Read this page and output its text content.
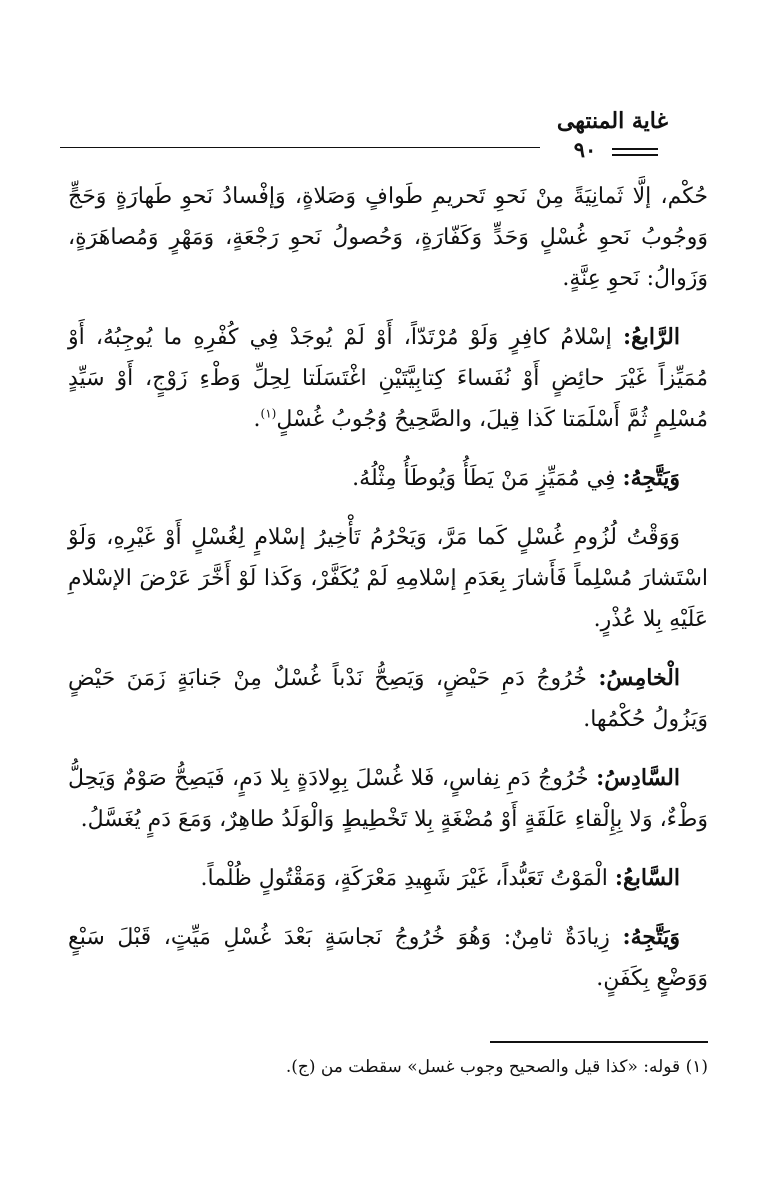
غاية المنتهى
٩٠

حُكْم، إلَّا ثَمانِيَةً مِنْ نَحوِ تَحريمِ طَوافٍ وَصَلاةٍ، وَإفْسادُ نَحوِ طَهارَةٍ وَحَجٍّ وَوجُوبُ نَحوِ غُسْلٍ وَحَدٍّ وَكَفّارَةٍ، وَحُصولُ نَحوِ رَجْعَةٍ، وَمَهْرٍ وَمُصاهَرَةٍ، وَزَوالُ: نَحوِ عِنَّةٍ.

الرَّابعُ: إسْلامُ كافِرٍ وَلَوْ مُرْتَدّاً، أَوْ لَمْ يُوجَدْ فِي كُفْرِهِ ما يُوجِبُهُ، أَوْ مُمَيِّزاً غَيْرَ حائِضٍ أَوْ نُفَساءَ كِتابِيَّتَيْنِ اغْتَسَلَتا لِحِلِّ وَطْءِ زَوْجٍ، أَوْ سَيِّدٍ مُسْلِمٍ ثُمَّ أَسْلَمَتا كَذا قِيلَ، والصَّحِيحُ وُجُوبُ غُسْلٍ$^{(١)}$.

وَيَتَّجِهُ: فِي مُمَيِّزٍ مَنْ يَطَأُ وَيُوطَأُ مِثْلُهُ.

وَوَقْتُ لُزُومِ غُسْلٍ كَما مَرَّ، وَيَحْرُمُ تَأْخِيرُ إسْلامٍ لِغُسْلٍ أَوْ غَيْرِهِ، وَلَوْ اسْتَشارَ مُسْلِماً فَأَشارَ بِعَدَمِ إسْلامِهِ لَمْ يُكَفَّرْ، وَكَذا لَوْ أَخَّرَ عَرْضَ الإسْلامِ عَلَيْهِ بِلا عُذْرٍ.

الْخامِسُ: خُرُوجُ دَمِ حَيْضٍ، وَيَصِحُّ نَدْباً غُسْلٌ مِنْ جَنابَةٍ زَمَنَ حَيْضٍ وَيَزُولُ حُكْمُها.

السَّادِسُ: خُرُوجُ دَمِ نِفاسٍ، فَلا غُسْلَ بِوِلادَةٍ بِلا دَمٍ، فَيَصِحُّ صَوْمٌ وَيَحِلُّ وَطْءٌ، وَلا بِإِلْقاءِ عَلَقَةٍ أَوْ مُضْغَةٍ بِلا تَخْطِيطٍ وَالْوَلَدُ طاهِرٌ، وَمَعَ دَمٍ يُغَسَّلُ.

السَّابعُ: الْمَوْتُ تَعَبُّداً، غَيْرَ شَهِيدِ مَعْرَكَةٍ، وَمَقْتُولٍ ظُلْماً.

وَيَتَّجِهُ: زِيادَةٌ ثامِنٌ: وَهُوَ خُرُوجُ نَجاسَةٍ بَعْدَ غُسْلِ مَيِّتٍ، قَبْلَ سَبْعٍ وَوَضْعٍ بِكَفَنٍ.

(١) قوله: «كذا قيل والصحيح وجوب غسل» سقطت من (ج).
